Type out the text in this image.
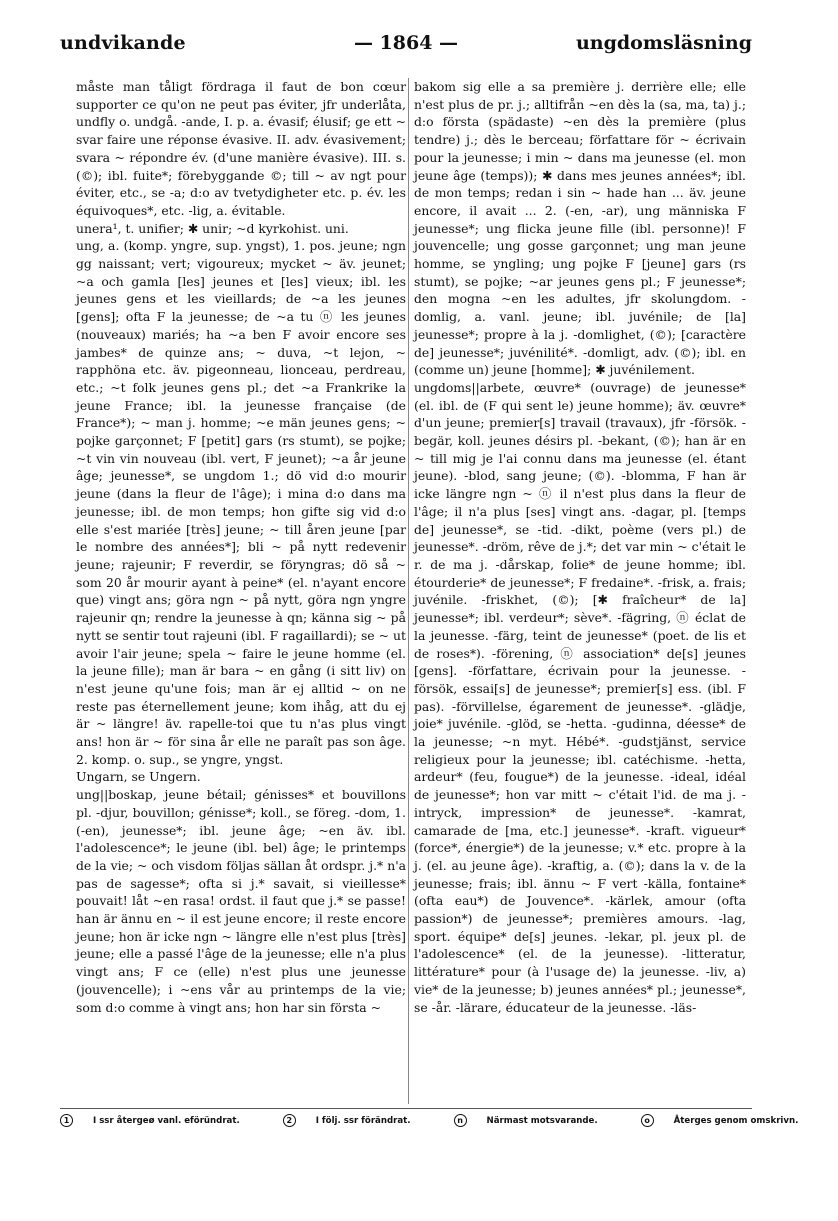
undvikande	— 1864 —	ungdomsläsning

måste man tåligt fördraga il faut de bon cœur supporter ce qu'on ne peut pas éviter, jfr underlåta, undfly o. undgå. -ande, I. p. a. évasif; élusif; ge ett ~ svar faire une réponse évasive. II. adv. évasivement; svara ~ répondre év. (d'une manière évasive). III. s. (©); ibl. fuite*; förebyggande ©; till ~ av ngt pour éviter, etc., se -a; d:o av tvetydigheter etc. p. év. les équivoques*, etc. -lig, a. évitable.
unera¹, t. unifier; ✱ unir; ~d kyrkohist. uni.
ung, a. (komp. yngre, sup. yngst), 1. pos. jeune; ngn gg naissant; vert; vigoureux; mycket ~ äv. jeunet; ~a och gamla [les] jeunes et [les] vieux; ibl. les jeunes gens et les vieillards; de ~a les jeunes [gens]; ofta F la jeunesse; de ~a tu ⓝ les jeunes (nouveaux) mariés; ha ~a ben F avoir encore ses jambes* de quinze ans; ~ duva, ~t lejon, ~ rapphöna etc. äv. pigeonneau, lionceau, perdreau, etc.; ~t folk jeunes gens pl.; det ~a Frankrike la jeune France; ibl. la jeunesse française (de France*); ~ man j. homme; ~e män jeunes gens; ~ pojke garçonnet; F [petit] gars (rs stumt), se pojke; ~t vin vin nouveau (ibl. vert, F jeunet); ~a år jeune âge; jeunesse*, se ungdom 1.; dö vid d:o mourir jeune (dans la fleur de l'âge); i mina d:o dans ma jeunesse; ibl. de mon temps; hon gifte sig vid d:o elle s'est mariée [très] jeune; ~ till åren jeune [par le nombre des années*]; bli ~ på nytt redevenir jeune; rajeunir; F reverdir, se föryngras; dö så ~ som 20 år mourir ayant à peine* (el. n'ayant encore que) vingt ans; göra ngn ~ på nytt, göra ngn yngre rajeunir qn; rendre la jeunesse à qn; känna sig ~ på nytt se sentir tout rajeuni (ibl. F ragaillardi); se ~ ut avoir l'air jeune; spela ~ faire le jeune homme (el. la jeune fille); man är bara ~ en gång (i sitt liv) on n'est jeune qu'une fois; man är ej alltid ~ on ne reste pas éternellement jeune; kom ihåg, att du ej är ~ längre! äv. rapelle-toi que tu n'as plus vingt ans! hon är ~ för sina år elle ne paraît pas son âge. 2. komp. o. sup., se yngre, yngst.
Ungarn, se Ungern.
ung||boskap, jeune bétail; génisses* et bouvillons pl. -djur, bouvillon; génisse*; koll., se föreg. -dom, 1. (-en), jeunesse*; ibl. jeune âge; ~en äv. ibl. l'adolescence*; le jeune (ibl. bel) âge; le printemps de la vie; ~ och visdom följas sällan åt ordspr. j.* n'a pas de sagesse*; ofta si j.* savait, si vieillesse* pouvait! låt ~en rasa! ordst. il faut que j.* se passe! han är ännu en ~ il est jeune encore; il reste encore jeune; hon är icke ngn ~ längre elle n'est plus [très] jeune; elle a passé l'âge de la jeunesse; elle n'a plus vingt ans; F ce (elle) n'est plus une jeunesse (jouvencelle); i ~ens vår au printemps de la vie; som d:o comme à vingt ans; hon har sin första ~

bakom sig elle a sa première j. derrière elle; elle n'est plus de pr. j.; alltifrån ~en dès la (sa, ma, ta) j.; d:o första (spädaste) ~en dès la première (plus tendre) j.; dès le berceau; författare för ~ écrivain pour la jeunesse; i min ~ dans ma jeunesse (el. mon jeune âge (temps)); ✱ dans mes jeunes années*; ibl. de mon temps; redan i sin ~ hade han ... äv. jeune encore, il avait ... 2. (-en, -ar), ung människa F jeunesse*; ung flicka jeune fille (ibl. personne)! F jouvencelle; ung gosse garçonnet; ung man jeune homme, se yngling; ung pojke F [jeune] gars (rs stumt), se pojke; ~ar jeunes gens pl.; F jeunesse*; den mogna ~en les adultes, jfr skolungdom. -domlig, a. vanl. jeune; ibl. juvénile; de [la] jeunesse*; propre à la j. -domlighet, (©); [caractère de] jeunesse*; juvénilité*. -domligt, adv. (©); ibl. en (comme un) jeune [homme]; ✱ juvénilement.
ungdoms||arbete, œuvre* (ouvrage) de jeunesse* (el. ibl. de (F qui sent le) jeune homme); äv. œuvre* d'un jeune; premier[s] travail (travaux), jfr -försök. -begär, koll. jeunes désirs pl. -bekant, (©); han är en ~ till mig je l'ai connu dans ma jeunesse (el. étant jeune). -blod, sang jeune; (©). -blomma, F han är icke längre ngn ~ ⓝ il n'est plus dans la fleur de l'âge; il n'a plus [ses] vingt ans. -dagar, pl. [temps de] jeunesse*, se -tid. -dikt, poème (vers pl.) de jeunesse*. -dröm, rêve de j.*; det var min ~ c'était le r. de ma j. -dårskap, folie* de jeune homme; ibl. étourderie* de jeunesse*; F fredaine*. -frisk, a. frais; juvénile. -friskhet, (©); [✱ fraîcheur* de la] jeunesse*; ibl. verdeur*; sève*. -fägring, ⓝ éclat de la jeunesse. -färg, teint de jeunesse* (poet. de lis et de roses*). -förening, ⓝ association* de[s] jeunes [gens]. -författare, écrivain pour la jeunesse. -försök, essai[s] de jeunesse*; premier[s] ess. (ibl. F pas). -förvillelse, égarement de jeunesse*. -glädje, joie* juvénile. -glöd, se -hetta. -gudinna, déesse* de la jeunesse; ~n myt. Hébé*. -gudstjänst, service religieux pour la jeunesse; ibl. catéchisme. -hetta, ardeur* (feu, fougue*) de la jeunesse. -ideal, idéal de jeunesse*; hon var mitt ~ c'était l'id. de ma j. -intryck, impression* de jeunesse*. -kamrat, camarade de [ma, etc.] jeunesse*. -kraft. vigueur* (force*, énergie*) de la jeunesse; v.* etc. propre à la j. (el. au jeune âge). -kraftig, a. (©); dans la v. de la jeunesse; frais; ibl. ännu ~ F vert -källa, fontaine* (ofta eau*) de Jouvence*. -kärlek, amour (ofta passion*) de jeunesse*; premières amours. -lag, sport. équipe* de[s] jeunes. -lekar, pl. jeux pl. de l'adolescence* (el. de la jeunesse). -litteratur, littérature* pour (à l'usage de) la jeunesse. -liv, a) vie* de la jeunesse; b) jeunes années* pl.; jeunesse*, se -år. -lärare, éducateur de la jeunesse. -läs-

1	I ssr återgeø vanl. eföründrat.	2	I följ. ssr förändrat.	n	Närmast motsvarande.	o	Återges genom omskrivn.
